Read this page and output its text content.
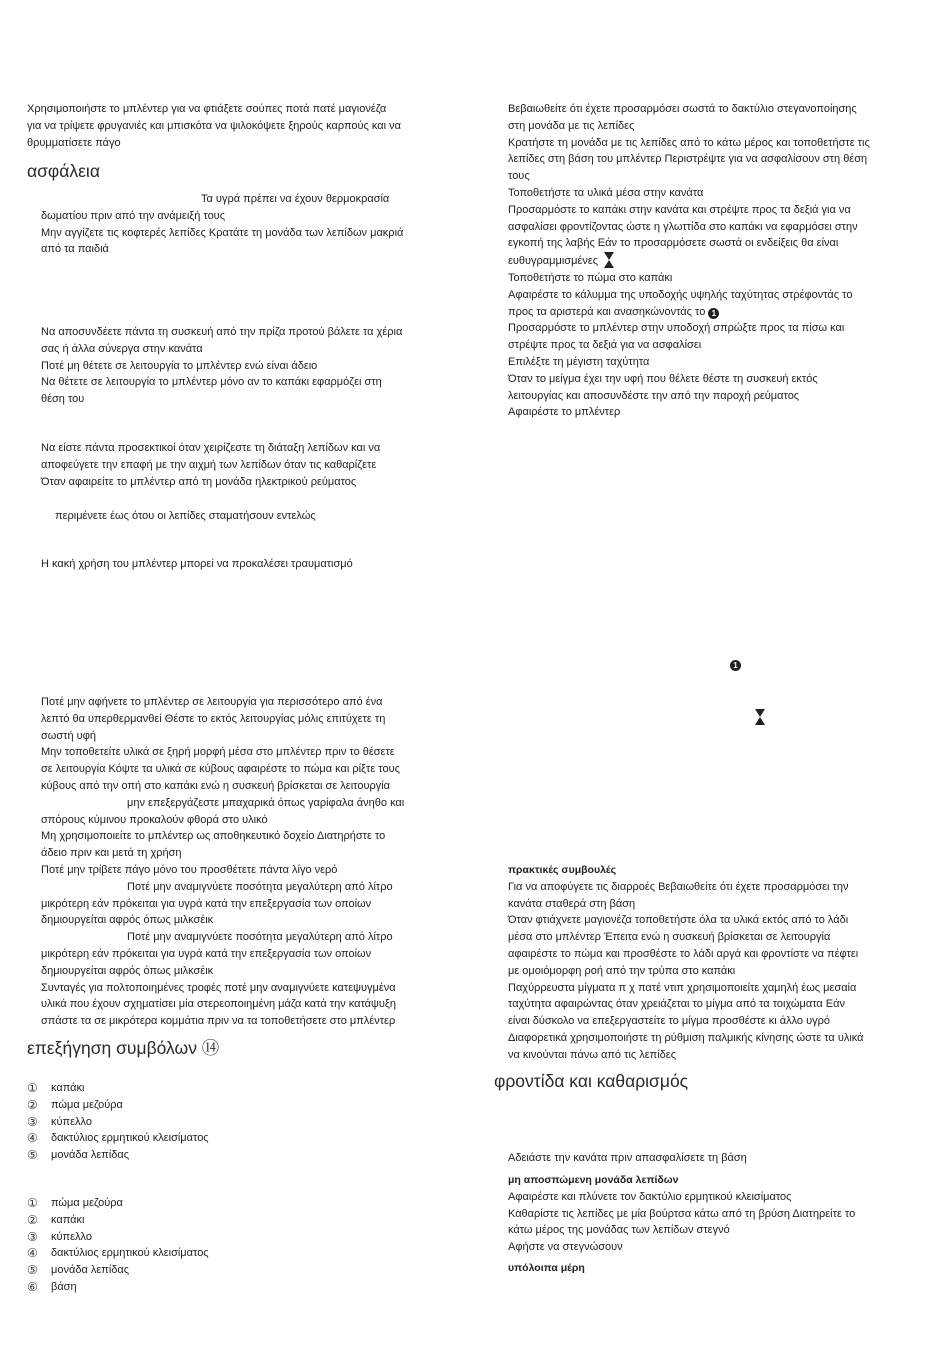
Χρησιμοποιήστε το μπλέντερ για να φτιάξετε σούπες ποτά πατέ μαγιονέζα

για να τρίψετε φρυγανιές και μπισκότα να ψιλοκόψετε ξηρούς καρπούς και να

θρυμματίσετε πάγο

ασφάλεια

Τα υγρά πρέπει να έχουν θερμοκρασία

δωματίου πριν από την ανάμειξή τους

Μην αγγίζετε τις κοφτερές λεπίδες Κρατάτε τη μονάδα των λεπίδων μακριά

από τα παιδιά

Να αποσυνδέετε πάντα τη συσκευή από την πρίζα προτού βάλετε τα χέρια

σας ή άλλα σύνεργα στην κανάτα

Ποτέ μη θέτετε σε λειτουργία το μπλέντερ ενώ είναι άδειο

Να θέτετε σε λειτουργία το μπλέντερ μόνο αν το καπάκι εφαρμόζει στη

θέση του

Να είστε πάντα προσεκτικοί όταν χειρίζεστε τη διάταξη λεπίδων και να

αποφεύγετε την επαφή με την αιχμή των λεπίδων όταν τις καθαρίζετε

Όταν αφαιρείτε το μπλέντερ από τη μονάδα ηλεκτρικού ρεύματος

περιμένετε έως ότου οι λεπίδες σταματήσουν εντελώς

Η κακή χρήση του μπλέντερ μπορεί να προκαλέσει τραυματισμό

Ποτέ μην αφήνετε το μπλέντερ σε λειτουργία για περισσότερο από ένα

λεπτό θα υπερθερμανθεί Θέστε το εκτός λειτουργίας μόλις επιτύχετε τη

σωστή υφή

Μην τοποθετείτε υλικά σε ξηρή μορφή μέσα στο μπλέντερ πριν το θέσετε

σε λειτουργία Κόψτε τα υλικά σε κύβους αφαιρέστε το πώμα και ρίξτε τους

κύβους από την οπή στο καπάκι ενώ η συσκευή βρίσκεται σε λειτουργία

μην επεξεργάζεστε μπαχαρικά όπως γαρίφαλα άνηθο και

σπόρους κύμινου προκαλούν φθορά στο υλικό

Μη χρησιμοποιείτε το μπλέντερ ως αποθηκευτικό δοχείο Διατηρήστε το

άδειο πριν και μετά τη χρήση

Ποτέ μην τρίβετε πάγο μόνο του προσθέτετε πάντα λίγο νερό

Ποτέ μην αναμιγνύετε ποσότητα μεγαλύτερη από λίτρο

μικρότερη εάν πρόκειται για υγρά κατά την επεξεργασία των οποίων

δημιουργείται αφρός όπως μιλκσέικ

Ποτέ μην αναμιγνύετε ποσότητα μεγαλύτερη από λίτρο

μικρότερη εάν πρόκειται για υγρά κατά την επεξεργασία των οποίων

δημιουργείται αφρός όπως μιλκσέικ

Συνταγές για πολτοποιημένες τροφές ποτέ μην αναμιγνύετε κατεψυγμένα

υλικά που έχουν σχηματίσει μία στερεοποιημένη μάζα κατά την κατάψυξη

σπάστε τα σε μικρότερα κομμάτια πριν να τα τοποθετήσετε στο μπλέντερ

επεξήγηση συμβόλων ⑭
①	καπάκι
②	πώμα μεζούρα
③	κύπελλο
④	δακτύλιος ερμητικού κλεισίματος
⑤	μονάδα λεπίδας
①	πώμα μεζούρα
②	καπάκι
③	κύπελλο
④	δακτύλιος ερμητικού κλεισίματος
⑤	μονάδα λεπίδας
⑥	βάση

Βεβαιωθείτε ότι έχετε προσαρμόσει σωστά το δακτύλιο στεγανοποίησης

στη μονάδα με τις λεπίδες

Κρατήστε τη μονάδα με τις λεπίδες από το κάτω μέρος και τοποθετήστε τις

λεπίδες στη βάση του μπλέντερ Περιστρέψτε για να ασφαλίσουν στη θέση

τους

Τοποθετήστε τα υλικά μέσα στην κανάτα

Προσαρμόστε το καπάκι στην κανάτα και στρέψτε προς τα δεξιά για να

ασφαλίσει φροντίζοντας ώστε η γλωττίδα στο καπάκι να εφαρμόσει στην

εγκοπή της λαβής Εάν το προσαρμόσετε σωστά οι ενδείξεις θα είναι

ευθυγραμμισμένες

Τοποθετήστε το πώμα στο καπάκι

Αφαιρέστε το κάλυμμα της υποδοχής υψηλής ταχύτητας στρέφοντάς το

προς τα αριστερά και ανασηκώνοντάς το 1

Προσαρμόστε το μπλέντερ στην υποδοχή σπρώξτε προς τα πίσω και

στρέψτε προς τα δεξιά για να ασφαλίσει

Επιλέξτε τη μέγιστη ταχύτητα

Όταν το μείγμα έχει την υφή που θέλετε θέστε τη συσκευή εκτός

λειτουργίας και αποσυνδέστε την από την παροχή ρεύματος

Αφαιρέστε το μπλέντερ

1

πρακτικές συμβουλές

Για να αποφύγετε τις διαρροές Βεβαιωθείτε ότι έχετε προσαρμόσει την

κανάτα σταθερά στη βάση

Όταν φτιάχνετε μαγιονέζα τοποθετήστε όλα τα υλικά εκτός από το λάδι

μέσα στο μπλέντερ Έπειτα ενώ η συσκευή βρίσκεται σε λειτουργία

αφαιρέστε το πώμα και προσθέστε το λάδι αργά και φροντίστε να πέφτει

με ομοιόμορφη ροή από την τρύπα στο καπάκι

Παχύρρευστα μίγματα π χ πατέ ντιπ χρησιμοποιείτε χαμηλή έως μεσαία

ταχύτητα αφαιρώντας όταν χρειάζεται το μίγμα από τα τοιχώματα Εάν

είναι δύσκολο να επεξεργαστείτε το μίγμα προσθέστε κι άλλο υγρό

Διαφορετικά χρησιμοποιήστε τη ρύθμιση παλμικής κίνησης ώστε τα υλικά

να κινούνται πάνω από τις λεπίδες

φροντίδα και καθαρισμός

Αδειάστε την κανάτα πριν απασφαλίσετε τη βάση

μη αποσπώμενη μονάδα λεπίδων

Αφαιρέστε και πλύνετε τον δακτύλιο ερμητικού κλεισίματος

Καθαρίστε τις λεπίδες με μία βούρτσα κάτω από τη βρύση Διατηρείτε το

κάτω μέρος της μονάδας των λεπίδων στεγνό

Αφήστε να στεγνώσουν

υπόλοιπα μέρη
